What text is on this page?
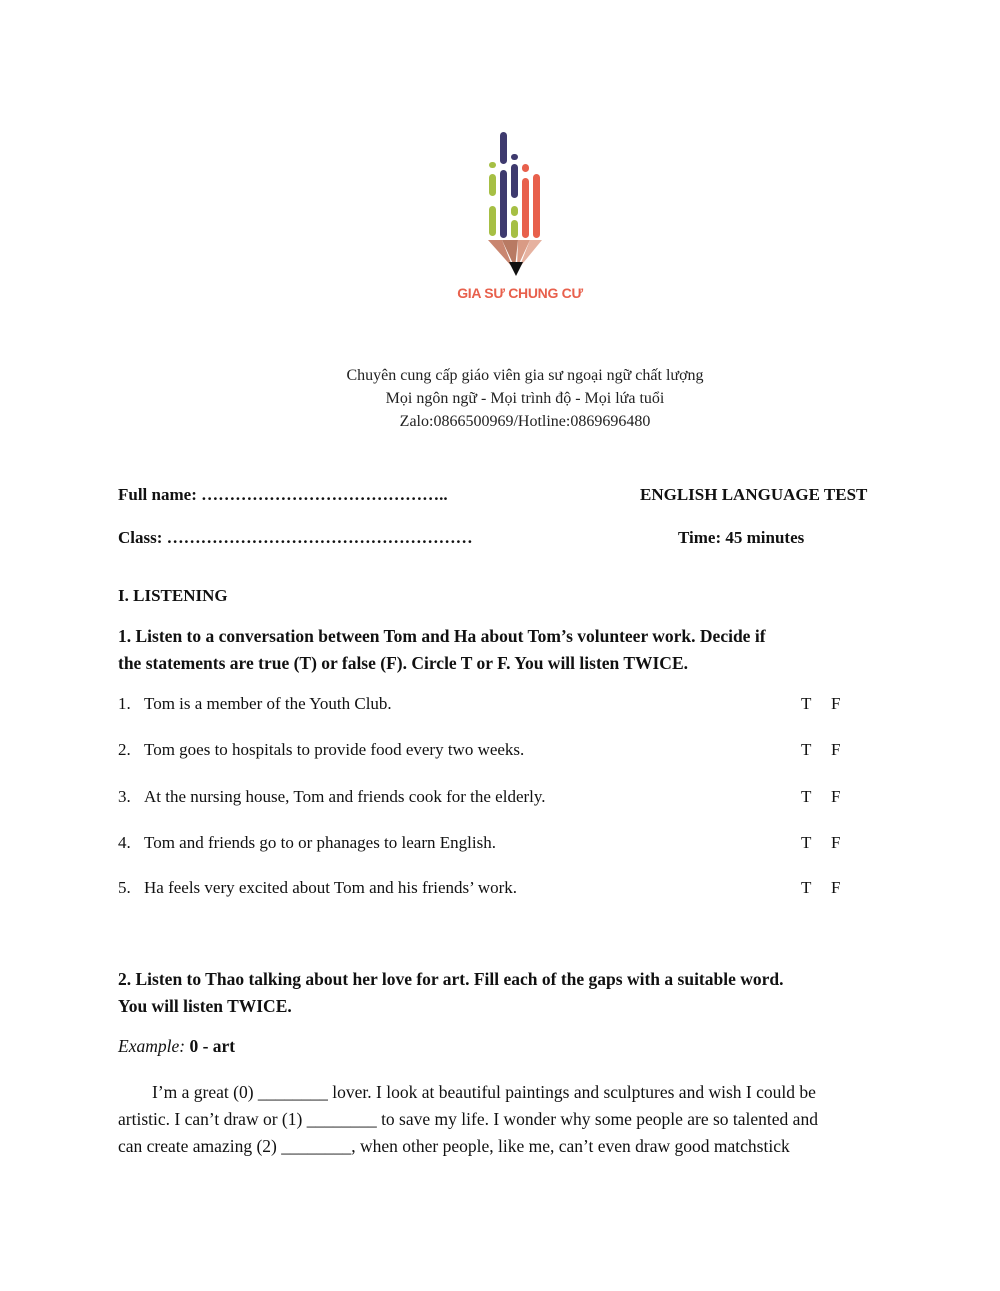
GIA SƯ CHUNG CƯ
Chuyên cung cấp giáo viên gia sư ngoại ngữ chất lượng
Mọi ngôn ngữ - Mọi trình độ - Mọi lứa tuổi
Zalo:0866500969/Hotline:0869696480
Full name: ……………………………………..
Class: ………………………………………………
ENGLISH LANGUAGE TEST
Time: 45 minutes
I. LISTENING
1. Listen to a conversation between Tom and Ha about Tom’s volunteer work. Decide if
the statements are true (T) or false (F). Circle T or F. You will listen TWICE.
1. Tom is a member of the Youth Club.	T F
2. Tom goes to hospitals to provide food every two weeks.	T F
3. At the nursing house, Tom and friends cook for the elderly.	T F
4. Tom and friends go to or phanages to learn English.	T F
5. Ha feels very excited about Tom and his friends’ work.	T F
2. Listen to Thao talking about her love for art. Fill each of the gaps with a suitable word.
You will listen TWICE.
Example: 0 - art
I’m a great (0) ________ lover. I look at beautiful paintings and sculptures and wish I could be
artistic. I can’t draw or (1) ________ to save my life. I wonder why some people are so talented and
can create amazing (2) ________, when other people, like me, can’t even draw good matchstick
